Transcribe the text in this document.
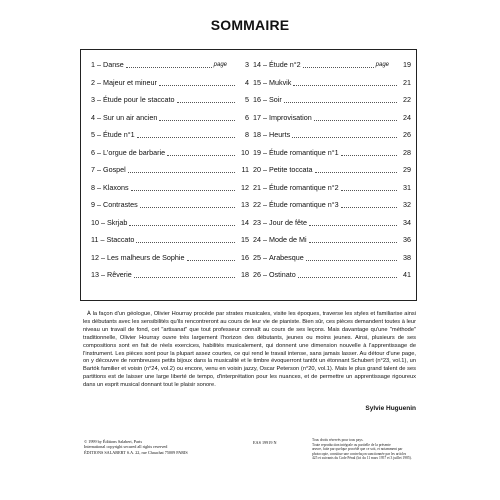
SOMMAIRE
1 – Danse	page	3
2 – Majeur et mineur	4
3 – Étude pour le staccato	5
4 – Sur un air ancien	6
5 – Étude n°1	8
6 – L'orgue de barbarie	10
7 – Gospel	11
8 – Klaxons	12
9 – Contrastes	13
10 – Skrjab	14
11 – Staccato	15
12 – Les malheurs de Sophie	16
13 – Rêverie	18
14 – Étude n°2	page	19
15 – Mukvik	21
16 – Soir	22
17 – Improvisation	24
18 – Heurts	26
19 – Étude romantique n°1	28
20 – Petite toccata	29
21 – Étude romantique n°2	31
22 – Étude romantique n°3	32
23 – Jour de fête	34
24 – Mode de Mi	36
25 – Arabesque	38
26 – Ostinato	41
À la façon d'un géologue, Olivier Hourray procède par strates musicales, visite les époques, traverse les styles et familiarise ainsi les débutants avec les sensibilités qu'ils rencontreront au cours de leur vie de pianiste. Bien sûr, ces pièces demandent toutes à leur niveau un travail de fond, cet "artisanat" que tout professeur connaît au cours de ses leçons. Mais davantage qu'une "méthode" traditionnelle, Olivier Hourray ouvre très largement l'horizon des débutants, jeunes ou moins jeunes. Ainsi, plusieurs de ses compositions sont en fait de réels exercices, habilités musicalement, qui donnent une dimension nouvelle à l'apprentissage de l'instrument. Les pièces sont pour la plupart assez courtes, ce qui rend le travail intense, sans jamais lasser. Au détour d'une page, on y découvre de nombreuses petits bijoux dans la musicalité et le timbre évoquerront tantôt un étonnant Schubert (n°23, vol.1), un Bartók familier et voisin (n°24, vol.2) ou encore, venu en voisin jazzy, Oscar Peterson (n°20, vol.1). Mais le plus grand talent de ses partitions est de laisser une large liberté de tempo, d'interprétation pour les nuances, et de permettre un apprentissage rigoureux dans un esprit musical donnant tout le plaisir sonore.
Sylvie Huguenin
© 1999 by Éditions Salabert, Paris
International copyright secured all rights reserved
ÉDITIONS SALABERT S.A. 22, rue Chauchat 75009 PARIS
EAS 19919 N	Tous droits réservés pour tous pays.
Toute reproduction intégrale ou partielle de la présente
œuvre, faite par quelque procédé que ce soit, et notamment par
photocopie, constitue une contrefaçon sanctionnée par les articles
425 et suivants du Code Pénal (loi du 11 mars 1957 et 3 juillet 1985).
